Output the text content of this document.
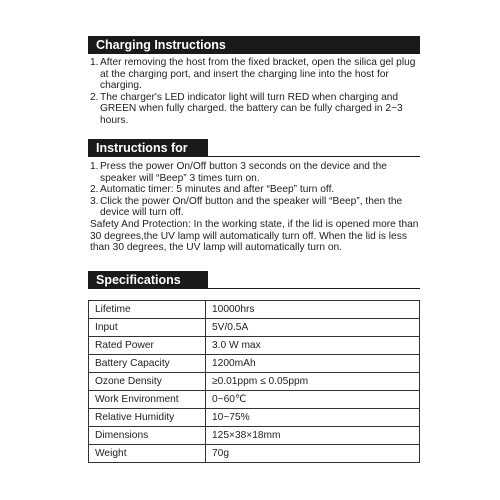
Charging Instructions

1. After removing the host from the fixed bracket, open the silica gel plug at the charging port, and insert the charging line into the host for charging.

2. The charger's LED indicator light will turn RED when charging and GREEN when fully charged. the battery can be fully charged in 2~3 hours.

Instructions for

1. Press the power On/Off button 3 seconds on the device and the speaker will “Beep” 3 times turn on.

2. Automatic timer: 5 minutes and after “Beep” turn off.

3. Click the power On/Off button and the speaker will “Beep”, then the device will turn off.

Safety And Protection: In the working state, if the lid is opened more than 30 degrees,the UV lamp will automatically turn off. When the lid is less than 30 degrees, the UV lamp will automatically turn on.

Specifications
Lifetime	10000hrs
Input	5V/0.5A
Rated Power	3.0 W max
Battery Capacity	1200mAh
Ozone Density	≥0.01ppm ≤ 0.05ppm
Work Environment	0~60℃
Relative Humidity	10~75%
Dimensions	125×38×18mm
Weight	70g
